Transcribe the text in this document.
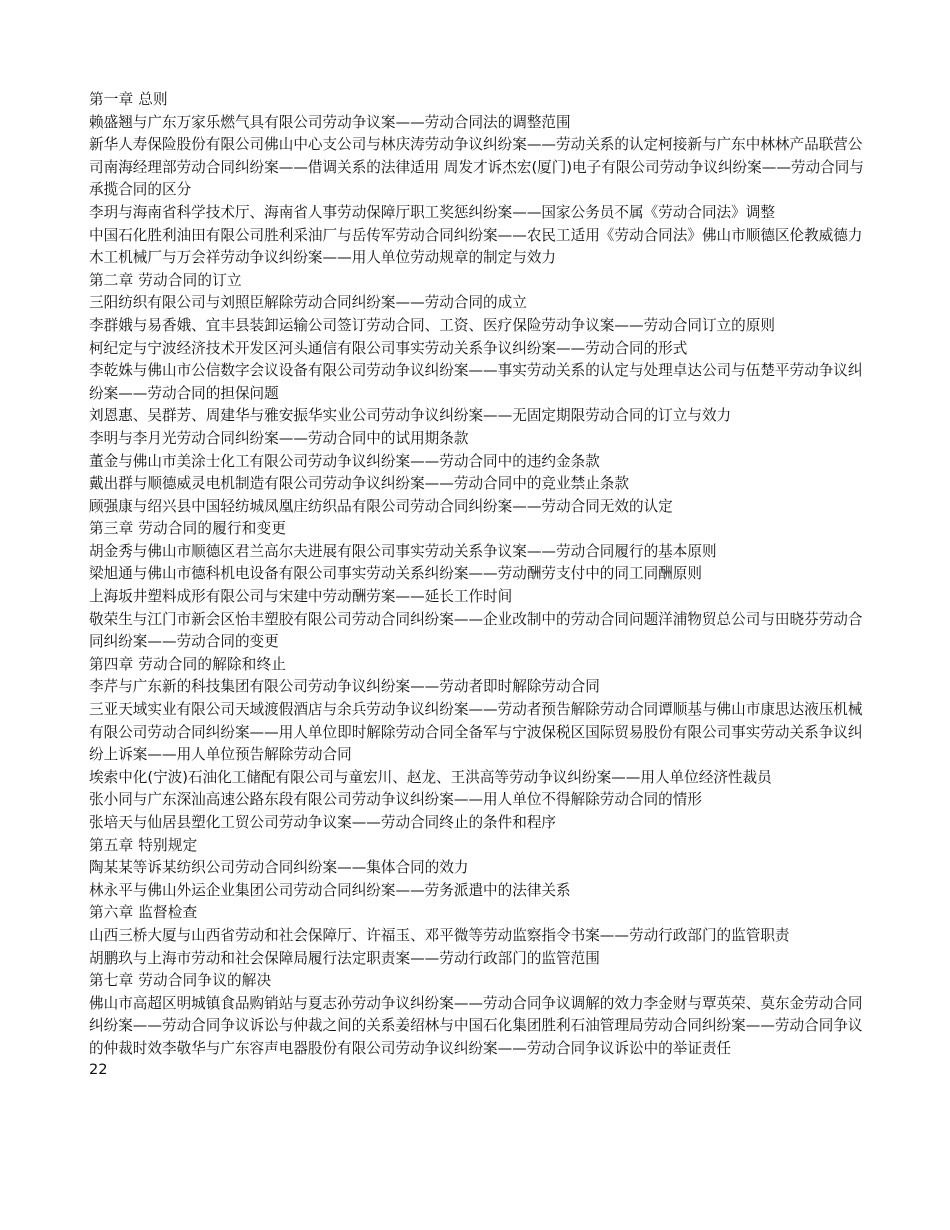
第一章 总则
赖盛翘与广东万家乐燃气具有限公司劳动争议案——劳动合同法的调整范围
新华人寿保险股份有限公司佛山中心支公司与林庆涛劳动争议纠纷案——劳动关系的认定柯接新与广东中林林产品联营公司南海经理部劳动合同纠纷案——借调关系的法律适用 周发才诉杰宏(厦门)电子有限公司劳动争议纠纷案——劳动合同与承揽合同的区分
李玥与海南省科学技术厅、海南省人事劳动保障厅职工奖惩纠纷案——国家公务员不属《劳动合同法》调整
中国石化胜利油田有限公司胜利采油厂与岳传军劳动合同纠纷案——农民工适用《劳动合同法》佛山市顺德区伦教威德力木工机械厂与万会祥劳动争议纠纷案——用人单位劳动规章的制定与效力
第二章 劳动合同的订立
三阳纺织有限公司与刘照臣解除劳动合同纠纷案——劳动合同的成立
李群娥与易香娥、宜丰县装卸运输公司签订劳动合同、工资、医疗保险劳动争议案——劳动合同订立的原则
柯纪定与宁波经济技术开发区河头通信有限公司事实劳动关系争议纠纷案——劳动合同的形式
李乾姝与佛山市公信数字会议设备有限公司劳动争议纠纷案——事实劳动关系的认定与处理卓达公司与伍楚平劳动争议纠纷案——劳动合同的担保问题
刘恩惠、吴群芳、周建华与雅安振华实业公司劳动争议纠纷案——无固定期限劳动合同的订立与效力
李明与李月光劳动合同纠纷案——劳动合同中的试用期条款
董金与佛山市美涂士化工有限公司劳动争议纠纷案——劳动合同中的违约金条款
戴出群与顺德威灵电机制造有限公司劳动争议纠纷案——劳动合同中的竞业禁止条款
顾强康与绍兴县中国轻纺城凤凰庄纺织品有限公司劳动合同纠纷案——劳动合同无效的认定
第三章 劳动合同的履行和变更
胡金秀与佛山市顺德区君兰高尔夫进展有限公司事实劳动关系争议案——劳动合同履行的基本原则
梁旭通与佛山市德科机电设备有限公司事实劳动关系纠纷案——劳动酬劳支付中的同工同酬原则
上海坂井塑料成形有限公司与宋建中劳动酬劳案——延长工作时间
敬荣生与江门市新会区怡丰塑胶有限公司劳动合同纠纷案——企业改制中的劳动合同问题洋浦物贸总公司与田晓芬劳动合同纠纷案——劳动合同的变更
第四章 劳动合同的解除和终止
李芹与广东新的科技集团有限公司劳动争议纠纷案——劳动者即时解除劳动合同
三亚天域实业有限公司天域渡假酒店与余兵劳动争议纠纷案——劳动者预告解除劳动合同谭顺基与佛山市康思达液压机械有限公司劳动合同纠纷案——用人单位即时解除劳动合同全备军与宁波保税区国际贸易股份有限公司事实劳动关系争议纠纷上诉案——用人单位预告解除劳动合同
埃索中化(宁波)石油化工储配有限公司与童宏川、赵龙、王洪高等劳动争议纠纷案——用人单位经济性裁员
张小同与广东深汕高速公路东段有限公司劳动争议纠纷案——用人单位不得解除劳动合同的情形
张培天与仙居县塑化工贸公司劳动争议案——劳动合同终止的条件和程序
第五章 特别规定
陶某某等诉某纺织公司劳动合同纠纷案——集体合同的效力
林永平与佛山外运企业集团公司劳动合同纠纷案——劳务派遣中的法律关系
第六章 监督检查
山西三桥大厦与山西省劳动和社会保障厅、许福玉、邓平微等劳动监察指令书案——劳动行政部门的监管职责
胡鹏玖与上海市劳动和社会保障局履行法定职责案——劳动行政部门的监管范围
第七章 劳动合同争议的解决
佛山市高超区明城镇食品购销站与夏志孙劳动争议纠纷案——劳动合同争议调解的效力李金财与覃英荣、莫东金劳动合同纠纷案——劳动合同争议诉讼与仲裁之间的关系姜绍林与中国石化集团胜利石油管理局劳动合同纠纷案——劳动合同争议的仲裁时效李敬华与广东容声电器股份有限公司劳动争议纠纷案——劳动合同争议诉讼中的举证责任
22
